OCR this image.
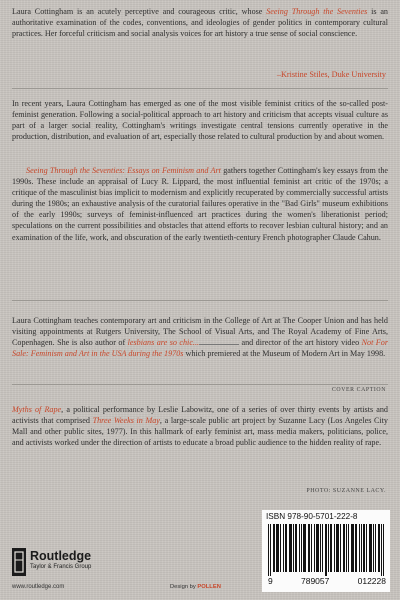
Laura Cottingham is an acutely perceptive and courageous critic, whose Seeing Through the Seventies is an authoritative examination of the codes, conventions, and ideologies of gender politics in contemporary cultural practices. Her forceful criticism and social analysis voices for art history a true sense of social conscience.
–Kristine Stiles, Duke University
In recent years, Laura Cottingham has emerged as one of the most visible feminist critics of the so-called post-feminist generation. Following a social-political approach to art history and criticism that accepts visual culture as part of a larger social reality, Cottingham's writings investigate central tensions currently operative in the production, distribution, and evaluation of art, especially those related to cultural production by and about women.
Seeing Through the Seventies: Essays on Feminism and Art gathers together Cottingham's key essays from the 1990s. These include an appraisal of Lucy R. Lippard, the most influential feminist art critic of the 1970s; a critique of the masculinist bias implicit to modernism and explicitly recuperated by commercially successful artists during the 1980s; an exhaustive analysis of the curatorial failures operative in the "Bad Girls" museum exhibitions of the early 1990s; surveys of feminist-influenced art practices during the women's liberationist period; speculations on the current possibilities and obstacles that attend efforts to recover lesbian cultural history; and an examination of the life, work, and obscuration of the early twentieth-century French photographer Claude Cahun.
Laura Cottingham teaches contemporary art and criticism in the College of Art at The Cooper Union and has held visiting appointments at Rutgers University, The School of Visual Arts, and The Royal Academy of Fine Arts, Copenhagen. She is also author of lesbians are so chic...	and director of the art history video Not For Sale: Feminism and Art in the USA during the 1970s which premiered at the Museum of Modern Art in May 1998.
COVER CAPTION
Myths of Rape, a political performance by Leslie Labowitz, one of a series of over thirty events by artists and activists that comprised Three Weeks in May, a large-scale public art project by Suzanne Lacy (Los Angeles City Mall and other public sites, 1977). In this hallmark of early feminist art, mass media makers, politicians, police, and activists worked under the direction of artists to educate a broad public audience to the hidden reality of rape.
PHOTO: SUZANNE LACY.
Routledge
Taylor & Francis Group
www.routledge.com	Design by POLLEN
ISBN 978-90-5701-222-8
9	789057	012228
